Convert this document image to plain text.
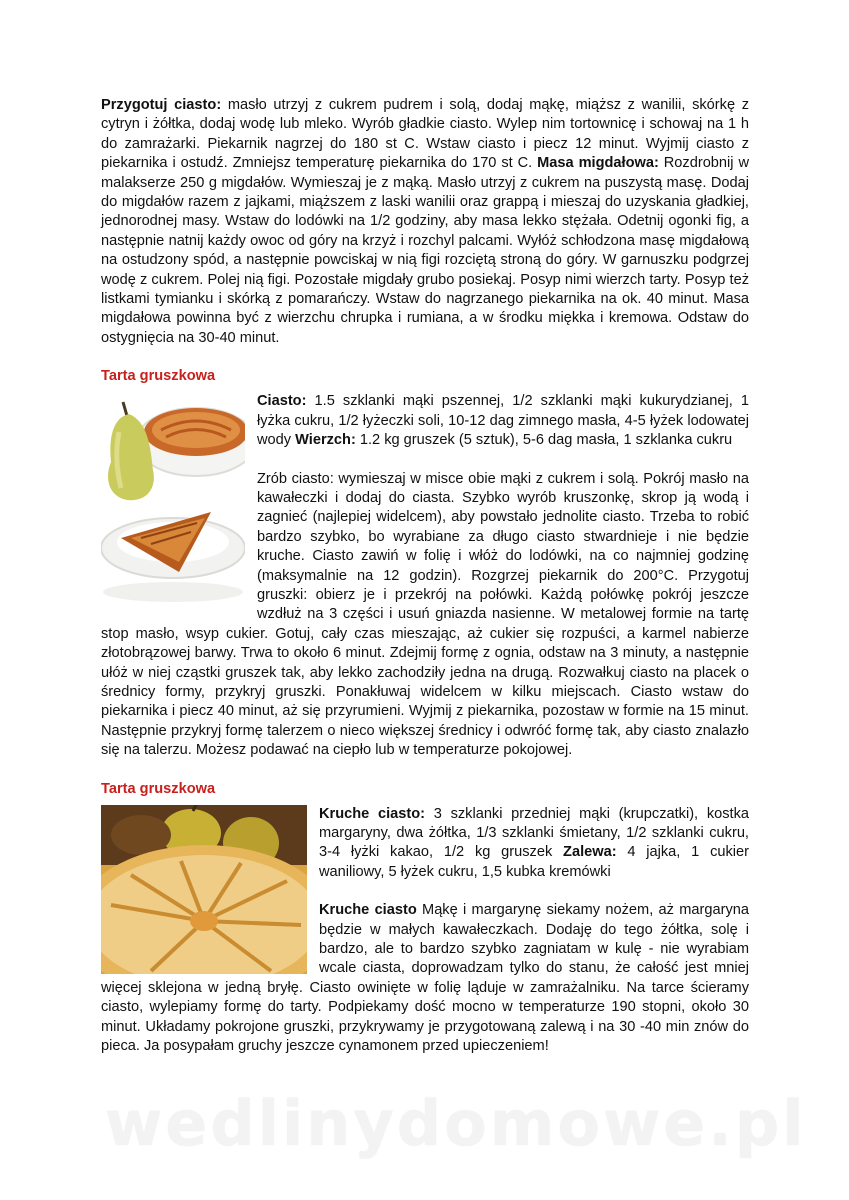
Przygotuj ciasto: masło utrzyj z cukrem pudrem i solą, dodaj mąkę, miąższ z wanilii, skórkę z cytryn i żółtka, dodaj wodę lub mleko. Wyrób gładkie ciasto. Wylep nim tortownicę i schowaj na 1 h do zamrażarki. Piekarnik nagrzej do 180 st C. Wstaw ciasto i piecz 12 minut. Wyjmij ciasto z piekarnika i ostudź. Zmniejsz temperaturę piekarnika do 170 st C. Masa migdałowa: Rozdrobnij w malakserze 250 g migdałów. Wymieszaj je z mąką. Masło utrzyj z cukrem na puszystą masę. Dodaj do migdałów razem z jajkami, miąższem z laski wanilii oraz grappą i mieszaj do uzyskania gładkiej, jednorodnej masy. Wstaw do lodówki na 1/2 godziny, aby masa lekko stężała. Odetnij ogonki fig, a następnie natnij każdy owoc od góry na krzyż i rozchyl palcami. Wyłóż schłodzona masę migdałową na ostudzony spód, a następnie powciskaj w nią figi rozciętą stroną do góry. W garnuszku podgrzej wodę z cukrem. Polej nią figi. Pozostałe migdały grubo posiekaj. Posyp nimi wierzch tarty. Posyp też listkami tymianku i skórką z pomarańczy. Wstaw do nagrzanego piekarnika na ok. 40 minut. Masa migdałowa powinna być z wierzchu chrupka i rumiana, a w środku miękka i kremowa. Odstaw do ostygnięcia na 30-40 minut.

Tarta gruszkowa

Ciasto: 1.5 szklanki mąki pszennej, 1/2 szklanki mąki kukurydzianej, 1 łyżka cukru, 1/2 łyżeczki soli, 10-12 dag zimnego masła, 4-5 łyżek lodowatej wody Wierzch: 1.2 kg gruszek (5 sztuk), 5-6 dag masła, 1 szklanka cukru

Zrób ciasto: wymieszaj w misce obie mąki z cukrem i solą. Pokrój masło na kawałeczki i dodaj do ciasta. Szybko wyrób kruszonkę, skrop ją wodą i zagnieć (najlepiej widelcem), aby powstało jednolite ciasto. Trzeba to robić bardzo szybko, bo wyrabiane za długo ciasto stwardnieje i nie będzie kruche. Ciasto zawiń w folię i włóż do lodówki, na co najmniej godzinę (maksymalnie na 12 godzin). Rozgrzej piekarnik do 200°C. Przygotuj gruszki: obierz je i przekrój na połówki. Każdą połówkę pokrój jeszcze wzdłuż na 3 części i usuń gniazda nasienne. W metalowej formie na tartę stop masło, wsyp cukier. Gotuj, cały czas mieszając, aż cukier się rozpuści, a karmel nabierze złotobrązowej barwy. Trwa to około 6 minut. Zdejmij formę z ognia, odstaw na 3 minuty, a następnie ułóż w niej cząstki gruszek tak, aby lekko zachodziły jedna na drugą. Rozwałkuj ciasto na placek o średnicy formy, przykryj gruszki. Ponakłuwaj widelcem w kilku miejscach. Ciasto wstaw do piekarnika i piecz 40 minut, aż się przyrumieni. Wyjmij z piekarnika, pozostaw w formie na 15 minut. Następnie przykryj formę talerzem o nieco większej średnicy i odwróć formę tak, aby ciasto znalazło się na talerzu. Możesz podawać na ciepło lub w temperaturze pokojowej.

Tarta gruszkowa

Kruche ciasto: 3 szklanki przedniej mąki (krupczatki), kostka margaryny, dwa żółtka, 1/3 szklanki śmietany, 1/2 szklanki cukru, 3-4 łyżki kakao, 1/2 kg gruszek Zalewa: 4 jajka, 1 cukier waniliowy, 5 łyżek cukru, 1,5 kubka kremówki

Kruche ciasto Mąkę i margarynę siekamy nożem, aż margaryna będzie w małych kawałeczkach. Dodaję do tego żółtka, solę i bardzo, ale to bardzo szybko zagniatam w kulę - nie wyrabiam wcale ciasta, doprowadzam tylko do stanu, że całość jest mniej więcej sklejona w jedną bryłę. Ciasto owinięte w folię ląduje w zamrażalniku. Na tarce ścieramy ciasto, wylepiamy formę do tarty. Podpiekamy dość mocno w temperaturze 190 stopni, około 30 minut. Układamy pokrojone gruszki, przykrywamy je przygotowaną zalewą i na 30 -40 min znów do pieca. Ja posypałam gruchy jeszcze cynamonem przed upieczeniem!

wedlinydomowe.pl
